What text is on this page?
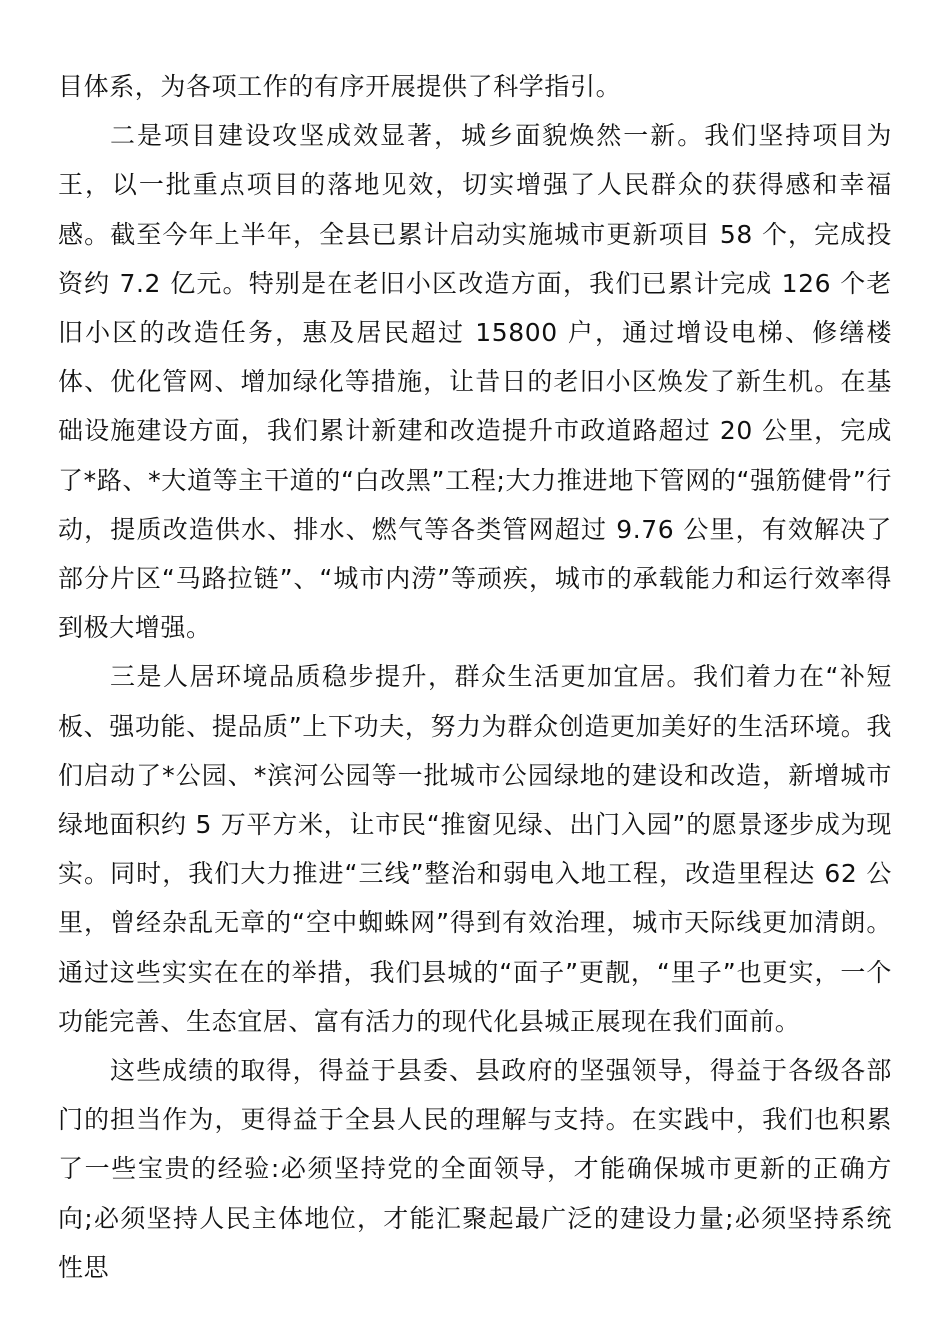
目体系，为各项工作的有序开展提供了科学指引。

二是项目建设攻坚成效显著，城乡面貌焕然一新。我们坚持项目为王，以一批重点项目的落地见效，切实增强了人民群众的获得感和幸福感。截至今年上半年，全县已累计启动实施城市更新项目 58 个，完成投资约 7.2 亿元。特别是在老旧小区改造方面，我们已累计完成 126 个老旧小区的改造任务，惠及居民超过 15800 户，通过增设电梯、修缮楼体、优化管网、增加绿化等措施，让昔日的老旧小区焕发了新生机。在基础设施建设方面，我们累计新建和改造提升市政道路超过 20 公里，完成了*路、*大道等主干道的“白改黑”工程;大力推进地下管网的“强筋健骨”行动，提质改造供水、排水、燃气等各类管网超过 9.76 公里，有效解决了部分片区“马路拉链”、“城市内涝”等顽疾，城市的承载能力和运行效率得到极大增强。

三是人居环境品质稳步提升，群众生活更加宜居。我们着力在“补短板、强功能、提品质”上下功夫，努力为群众创造更加美好的生活环境。我们启动了*公园、*滨河公园等一批城市公园绿地的建设和改造，新增城市绿地面积约 5 万平方米，让市民“推窗见绿、出门入园”的愿景逐步成为现实。同时，我们大力推进“三线”整治和弱电入地工程，改造里程达 62 公里，曾经杂乱无章的“空中蜘蛛网”得到有效治理，城市天际线更加清朗。通过这些实实在在的举措，我们县城的“面子”更靓，“里子”也更实，一个功能完善、生态宜居、富有活力的现代化县城正展现在我们面前。

这些成绩的取得，得益于县委、县政府的坚强领导，得益于各级各部门的担当作为，更得益于全县人民的理解与支持。在实践中，我们也积累了一些宝贵的经验:必须坚持党的全面领导，才能确保城市更新的正确方向;必须坚持人民主体地位，才能汇聚起最广泛的建设力量;必须坚持系统性思
